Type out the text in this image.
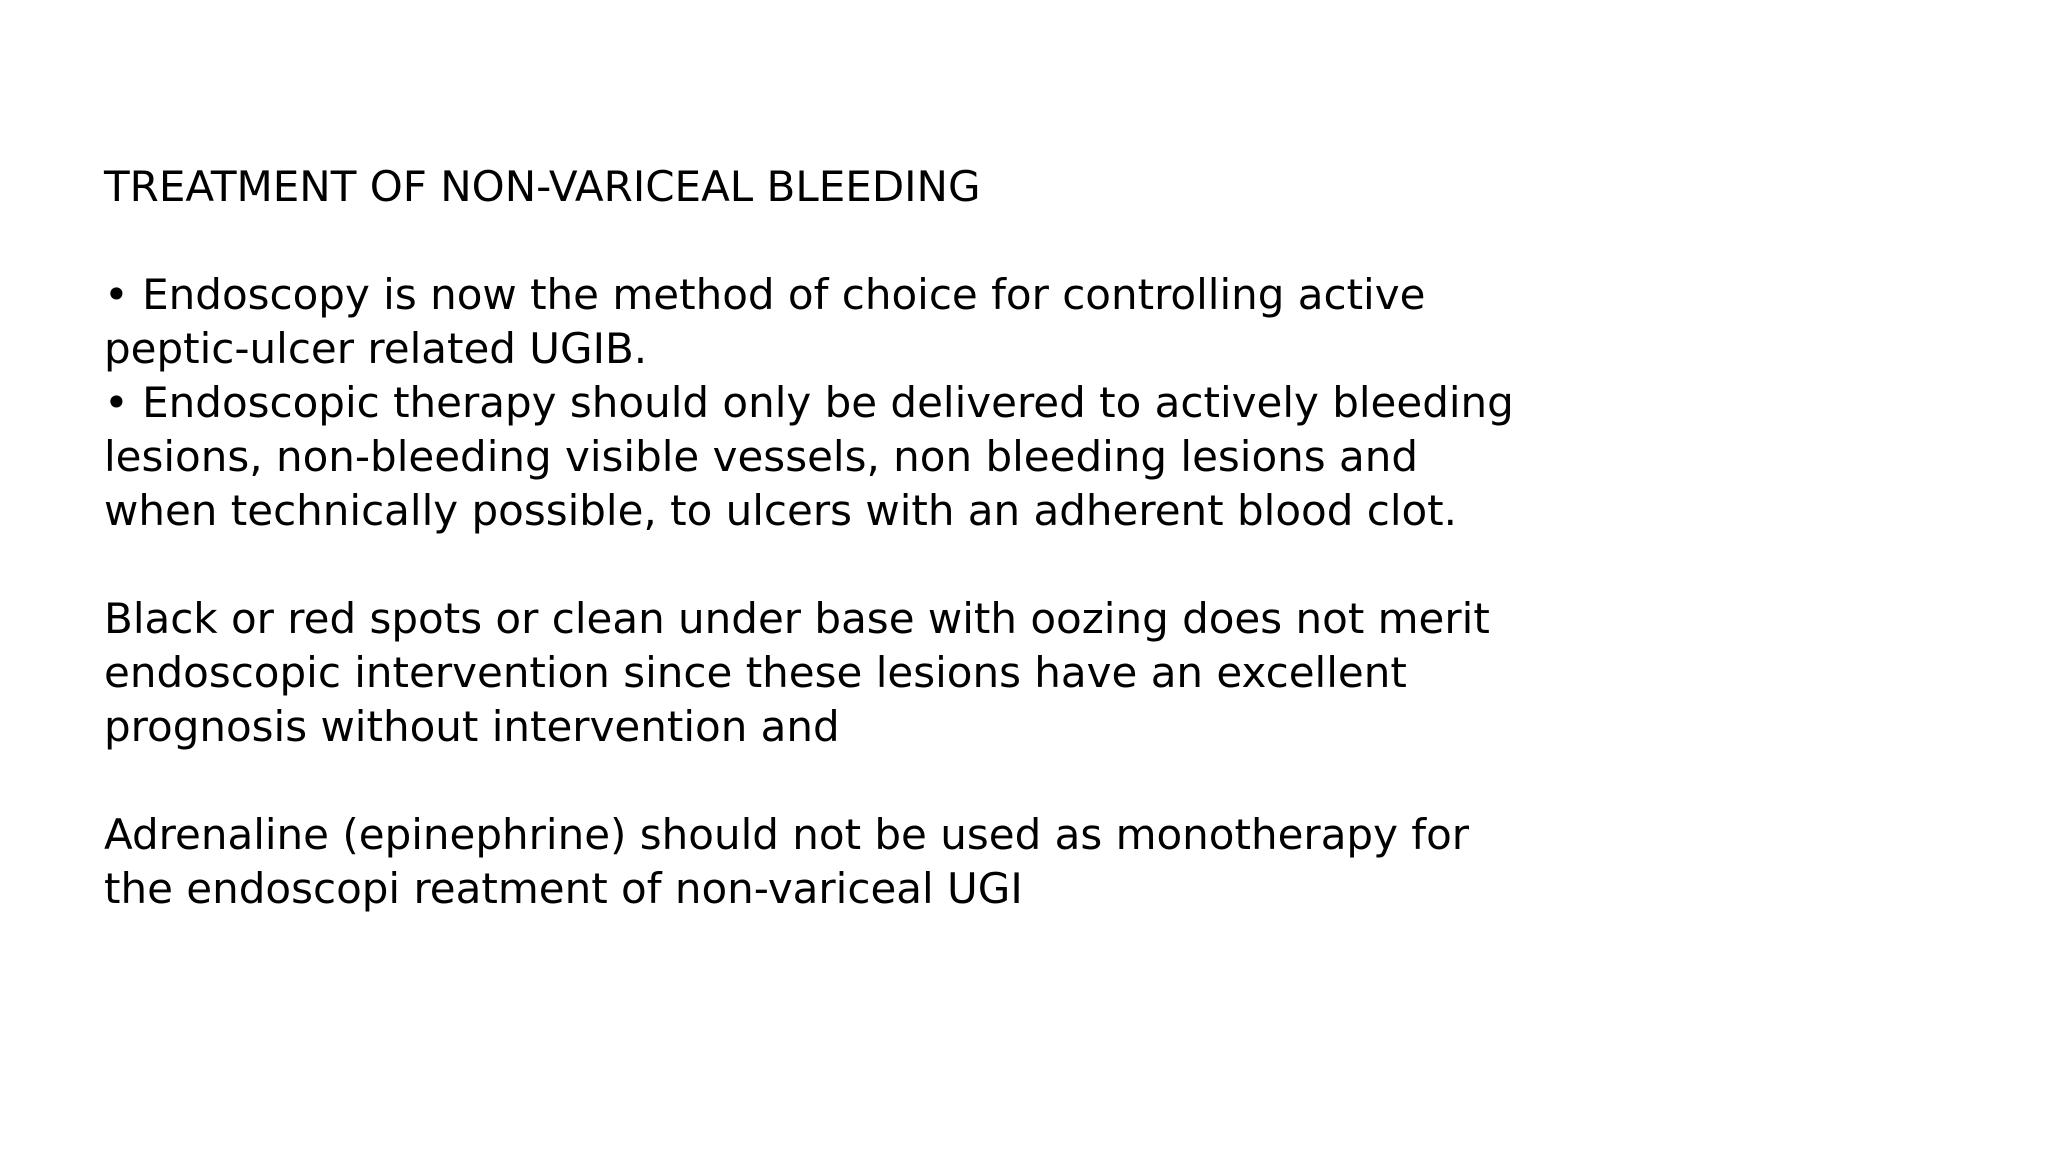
TREATMENT OF NON-VARICEAL BLEEDING
• Endoscopy is now the method of choice for controlling active
peptic-ulcer related UGIB.
• Endoscopic therapy should only be delivered to actively bleeding
lesions, non-bleeding visible vessels, non bleeding lesions and
when technically possible, to ulcers with an adherent blood clot.
Black or red spots or clean under base with oozing does not merit
endoscopic intervention since these lesions have an excellent
prognosis without intervention and
Adrenaline (epinephrine) should not be used as monotherapy for
the endoscopi reatment of non-variceal UGI
